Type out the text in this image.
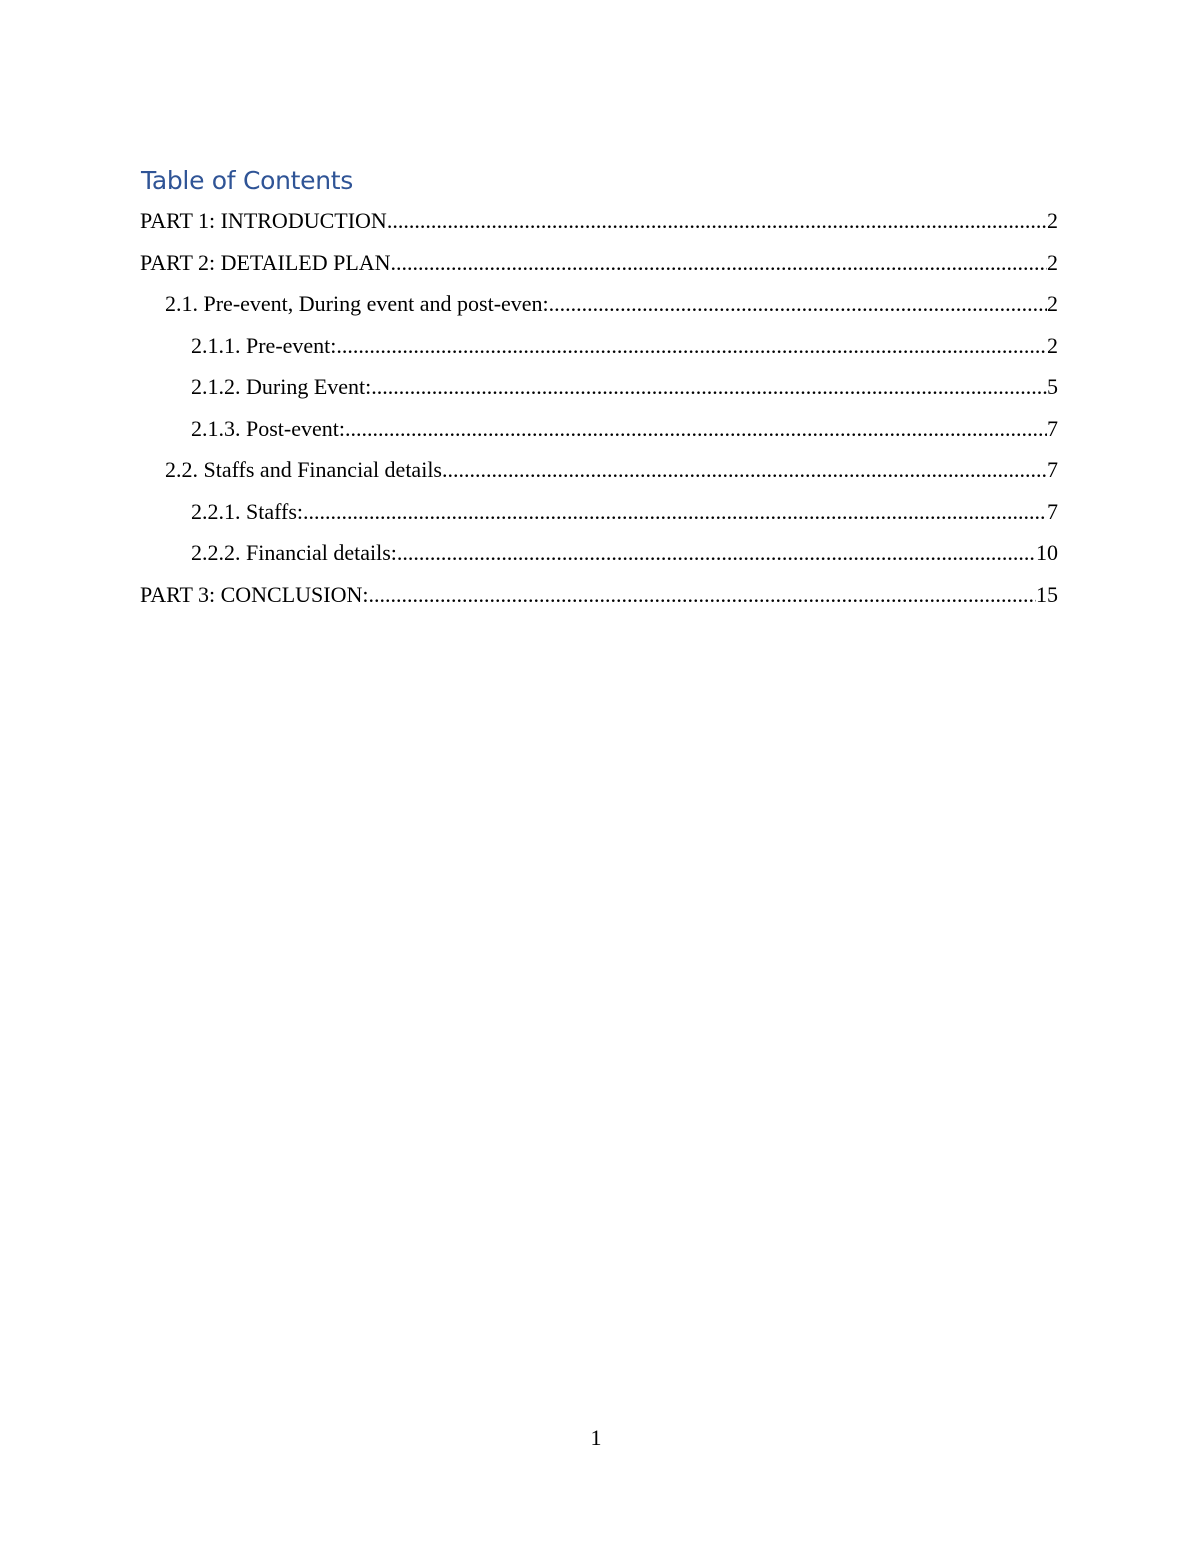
Table of Contents
PART 1: INTRODUCTION .....	2
PART 2: DETAILED PLAN .....	2
2.1. Pre-event, During event and post-even: .....	2
2.1.1. Pre-event: .....	2
2.1.2. During Event: .....	5
2.1.3. Post-event: .....	7
2.2. Staffs and Financial details .....	7
2.2.1. Staffs: .....	7
2.2.2. Financial details: .....	10
PART 3: CONCLUSION: .....	15
1
